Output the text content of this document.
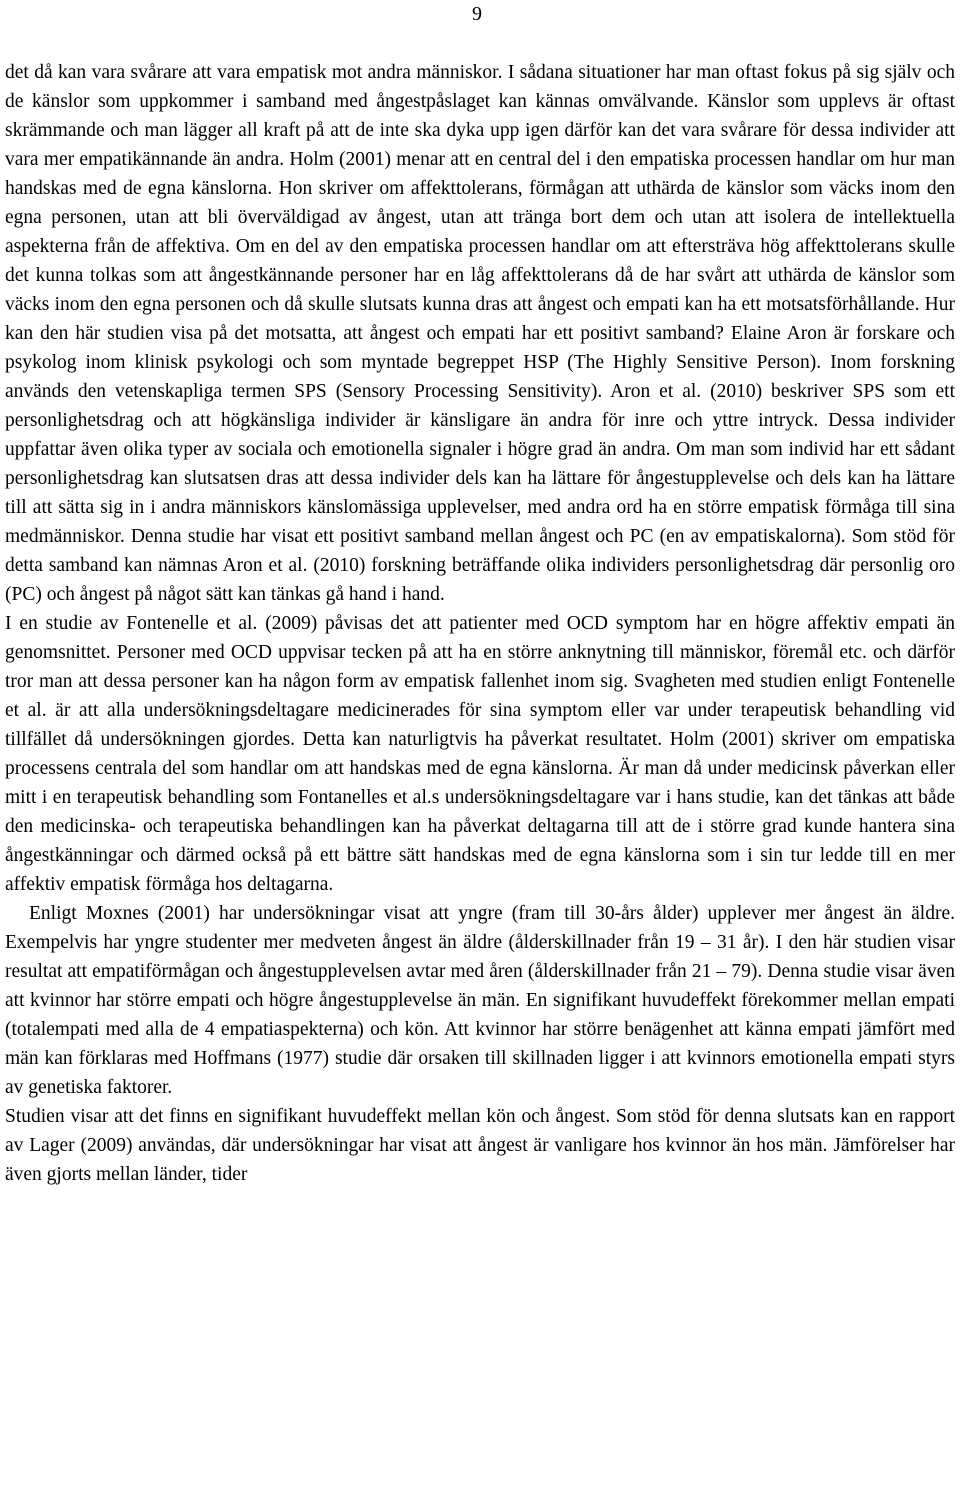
9

det då kan vara svårare att vara empatisk mot andra människor. I sådana situationer har man oftast fokus på sig själv och de känslor som uppkommer i samband med ångestpåslaget kan kännas omvälvande. Känslor som upplevs är oftast skrämmande och man lägger all kraft på att de inte ska dyka upp igen därför kan det vara svårare för dessa individer att vara mer empatikännande än andra. Holm (2001) menar att en central del i den empatiska processen handlar om hur man handskas med de egna känslorna. Hon skriver om affekttolerans, förmågan att uthärda de känslor som väcks inom den egna personen, utan att bli överväldigad av ångest, utan att tränga bort dem och utan att isolera de intellektuella aspekterna från de affektiva. Om en del av den empatiska processen handlar om att eftersträva hög affekttolerans skulle det kunna tolkas som att ångestkännande personer har en låg affekttolerans då de har svårt att uthärda de känslor som väcks inom den egna personen och då skulle slutsats kunna dras att ångest och empati kan ha ett motsatsförhållande. Hur kan den här studien visa på det motsatta, att ångest och empati har ett positivt samband? Elaine Aron är forskare och psykolog inom klinisk psykologi och som myntade begreppet HSP (The Highly Sensitive Person). Inom forskning används den vetenskapliga termen SPS (Sensory Processing Sensitivity). Aron et al. (2010) beskriver SPS som ett personlighetsdrag och att högkänsliga individer är känsligare än andra för inre och yttre intryck. Dessa individer uppfattar även olika typer av sociala och emotionella signaler i högre grad än andra. Om man som individ har ett sådant personlighetsdrag kan slutsatsen dras att dessa individer dels kan ha lättare för ångestupplevelse och dels kan ha lättare till att sätta sig in i andra människors känslomässiga upplevelser, med andra ord ha en större empatisk förmåga till sina medmänniskor. Denna studie har visat ett positivt samband mellan ångest och PC (en av empatiskalorna). Som stöd för detta samband kan nämnas Aron et al. (2010) forskning beträffande olika individers personlighetsdrag där personlig oro (PC) och ångest på något sätt kan tänkas gå hand i hand.

I en studie av Fontenelle et al. (2009) påvisas det att patienter med OCD symptom har en högre affektiv empati än genomsnittet. Personer med OCD uppvisar tecken på att ha en större anknytning till människor, föremål etc. och därför tror man att dessa personer kan ha någon form av empatisk fallenhet inom sig. Svagheten med studien enligt Fontenelle et al. är att alla undersökningsdeltagare medicinerades för sina symptom eller var under terapeutisk behandling vid tillfället då undersökningen gjordes. Detta kan naturligtvis ha påverkat resultatet. Holm (2001) skriver om empatiska processens centrala del som handlar om att handskas med de egna känslorna. Är man då under medicinsk påverkan eller mitt i en terapeutisk behandling som Fontanelles et al.s undersökningsdeltagare var i hans studie, kan det tänkas att både den medicinska- och terapeutiska behandlingen kan ha påverkat deltagarna till att de i större grad kunde hantera sina ångestkänningar och därmed också på ett bättre sätt handskas med de egna känslorna som i sin tur ledde till en mer affektiv empatisk förmåga hos deltagarna.

Enligt Moxnes (2001) har undersökningar visat att yngre (fram till 30-års ålder) upplever mer ångest än äldre. Exempelvis har yngre studenter mer medveten ångest än äldre (ålderskillnader från 19 – 31 år). I den här studien visar resultat att empatiförmågan och ångestupplevelsen avtar med åren (ålderskillnader från 21 – 79). Denna studie visar även att kvinnor har större empati och högre ångestupplevelse än män. En signifikant huvudeffekt förekommer mellan empati (totalempati med alla de 4 empatiaspekterna) och kön. Att kvinnor har större benägenhet att känna empati jämfört med män kan förklaras med Hoffmans (1977) studie där orsaken till skillnaden ligger i att kvinnors emotionella empati styrs av genetiska faktorer.

Studien visar att det finns en signifikant huvudeffekt mellan kön och ångest. Som stöd för denna slutsats kan en rapport av Lager (2009) användas, där undersökningar har visat att ångest är vanligare hos kvinnor än hos män. Jämförelser har även gjorts mellan länder, tider
